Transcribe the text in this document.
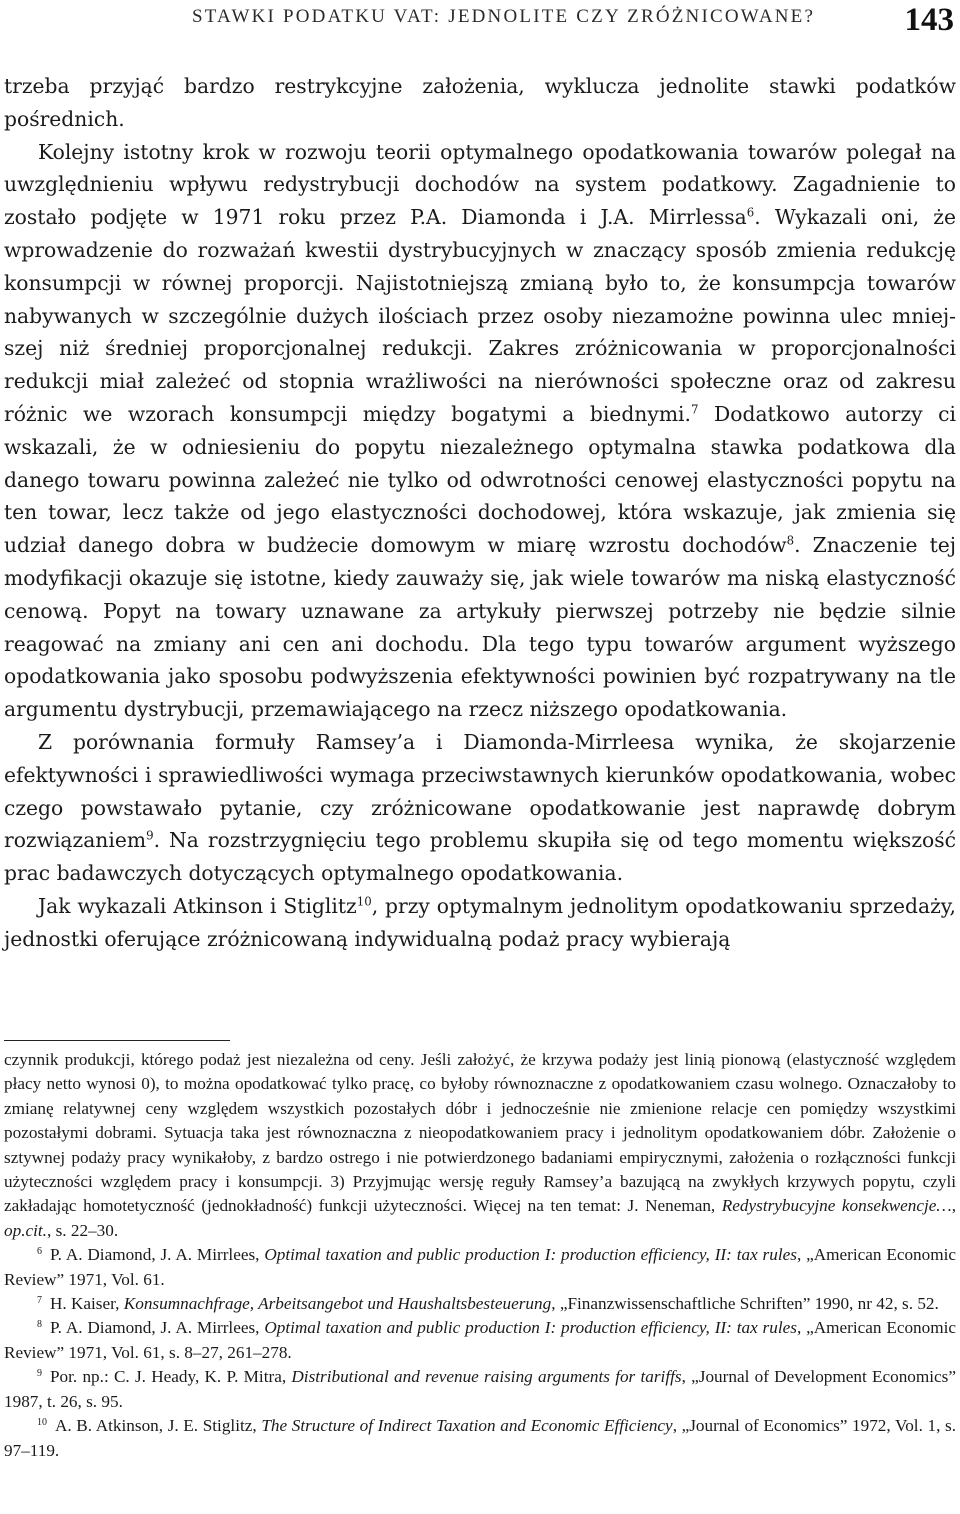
STAWKI PODATKU VAT: JEDNOLITE CZY ZRÓŻNICOWANE?	143

trzeba przyjąć bardzo restrykcyjne założenia, wyklucza jednolite stawki podatków pośrednich.

Kolejny istotny krok w rozwoju teorii optymalnego opodatkowania towarów polegał na uwzględnieniu wpływu redystrybucji dochodów na system podatkowy. Zagadnienie to zostało podjęte w 1971 roku przez P.A. Diamonda i J.A. Mirrlessa$^6$. Wykazali oni, że wprowadzenie do rozważań kwestii dystrybucyjnych w znaczący sposób zmienia redukcję konsumpcji w równej proporcji. Najistotniejszą zmianą było to, że konsumpcja towarów nabywanych w szczególnie dużych ilościach przez osoby niezamożne powinna ulec mniejszej niż średniej proporcjonalnej redukcji. Zakres zróżnicowania w proporcjonalności redukcji miał zależeć od stopnia wrażliwości na nierówności społeczne oraz od zakresu różnic we wzorach konsumpcji między bogatymi a biednymi.$^7$ Dodatkowo autorzy ci wskazali, że w odniesieniu do popytu niezależnego optymalna stawka podatkowa dla danego towaru powinna zależeć nie tylko od odwrotności cenowej elastyczności popytu na ten towar, lecz także od jego elastyczności dochodowej, która wskazuje, jak zmienia się udział danego dobra w budżecie domowym w miarę wzrostu dochodów$^8$. Znaczenie tej modyfikacji okazuje się istotne, kiedy zauważy się, jak wiele towarów ma niską elastyczność cenową. Popyt na towary uznawane za artykuły pierwszej potrzeby nie będzie silnie reagować na zmiany ani cen ani dochodu. Dla tego typu towarów argument wyższego opodatkowania jako sposobu podwyższenia efektywności powinien być rozpatrywany na tle argumentu dystrybucji, przemawiającego na rzecz niższego opodatkowania.

Z porównania formuły Ramsey’a i Diamonda-Mirrleesa wynika, że skojarzenie efektywności i sprawiedliwości wymaga przeciwstawnych kierunków opodatkowania, wobec czego powstawało pytanie, czy zróżnicowane opodatkowanie jest naprawdę dobrym rozwiązaniem$^9$. Na rozstrzygnięciu tego problemu skupiła się od tego momentu większość prac badawczych dotyczących optymalnego opodatkowania.

Jak wykazali Atkinson i Stiglitz$^{10}$, przy optymalnym jednolitym opodatkowaniu sprzedaży, jednostki oferujące zróżnicowaną indywidualną podaż pracy wybierają

czynnik produkcji, którego podaż jest niezależna od ceny. Jeśli założyć, że krzywa podaży jest linią pionową (elastyczność względem płacy netto wynosi 0), to można opodatkować tylko pracę, co byłoby równoznaczne z opodatkowaniem czasu wolnego. Oznaczałoby to zmianę relatywnej ceny względem wszystkich pozostałych dóbr i jednocześnie nie zmienione relacje cen pomiędzy wszystkimi pozostałymi dobrami. Sytuacja taka jest równoznaczna z nieopodatkowaniem pracy i jednolitym opodatkowaniem dóbr. Założenie o sztywnej podaży pracy wynikałoby, z bardzo ostrego i nie potwierdzonego badaniami empirycznymi, założenia o rozłączności funkcji użyteczności względem pracy i konsumpcji. 3) Przyjmując wersję reguły Ramsey’a bazującą na zwykłych krzywych popytu, czyli zakładając homotetyczność (jednokładność) funkcji użyteczności. Więcej na ten temat: J. Neneman, Redystrybucyjne konsekwencje…, op.cit., s. 22–30.

$^6$ P. A. Diamond, J. A. Mirrlees, Optimal taxation and public production I: production efficiency, II: tax rules, „American Economic Review” 1971, Vol. 61.

$^7$ H. Kaiser, Konsumnachfrage, Arbeitsangebot und Haushaltsbesteuerung, „Finanzwissenschaftliche Schriften” 1990, nr 42, s. 52.

$^8$ P. A. Diamond, J. A. Mirrlees, Optimal taxation and public production I: production efficiency, II: tax rules, „American Economic Review” 1971, Vol. 61, s. 8–27, 261–278.

$^9$ Por. np.: C. J. Heady, K. P. Mitra, Distributional and revenue raising arguments for tariffs, „Journal of Development Economics” 1987, t. 26, s. 95.

$^{10}$ A. B. Atkinson, J. E. Stiglitz, The Structure of Indirect Taxation and Economic Efficiency, „Journal of Economics” 1972, Vol. 1, s. 97–119.
